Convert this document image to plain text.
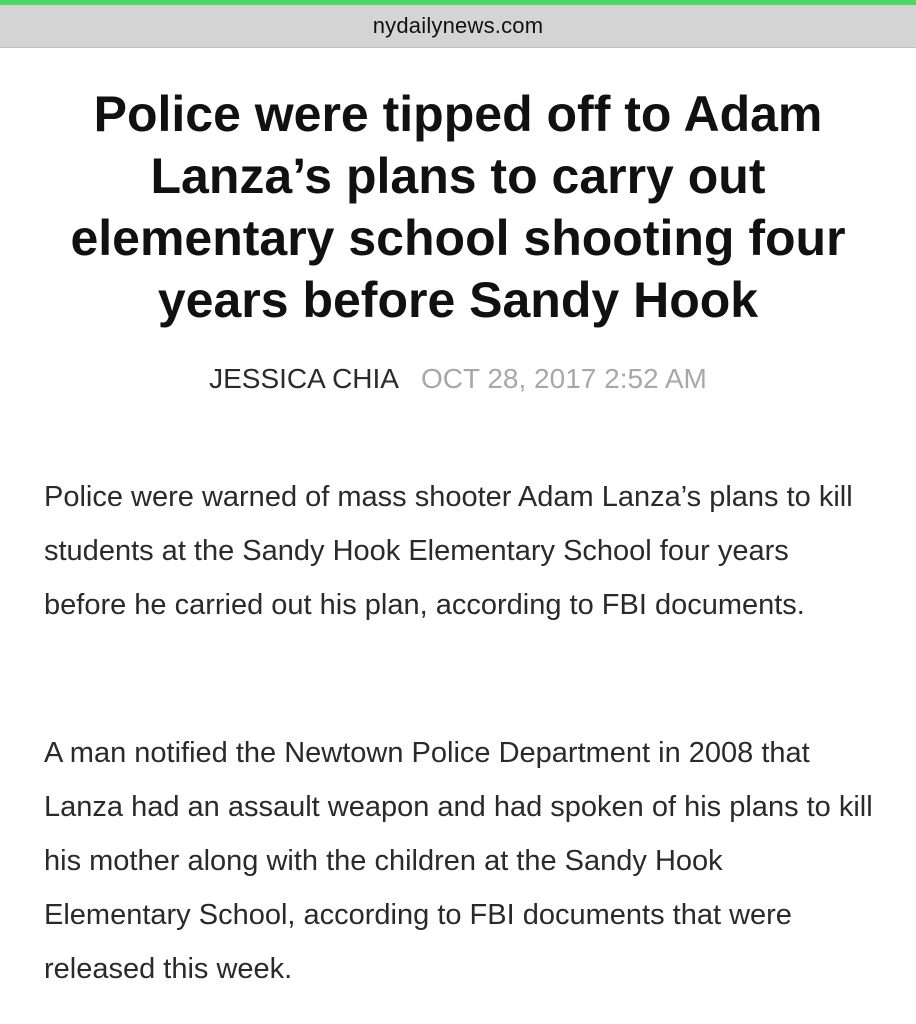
nydailynews.com
Police were tipped off to Adam Lanza’s plans to carry out elementary school shooting four years before Sandy Hook
JESSICA CHIA OCT 28, 2017 2:52 AM

Police were warned of mass shooter Adam Lanza’s plans to kill students at the Sandy Hook Elementary School four years before he carried out his plan, according to FBI documents.

A man notified the Newtown Police Department in 2008 that Lanza had an assault weapon and had spoken of his plans to kill his mother along with the children at the Sandy Hook Elementary School, according to FBI documents that were released this week.
